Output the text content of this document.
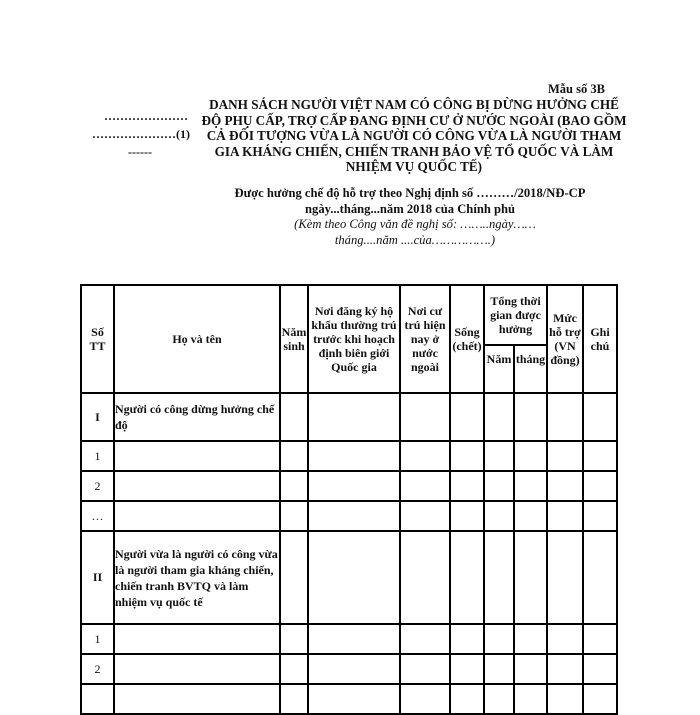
Mẫu số 3B
…………………
…………………(1)
------
DANH SÁCH NGƯỜI VIỆT NAM CÓ CÔNG BỊ DỪNG HƯỞNG CHẾ ĐỘ PHỤ CẤP, TRỢ CẤP ĐANG ĐỊNH CƯ Ở NƯỚC NGOÀI (BAO GỒM CẢ ĐỐI TƯỢNG VỪA LÀ NGƯỜI CÓ CÔNG VỪA LÀ NGƯỜI THAM GIA KHÁNG CHIẾN, CHIẾN TRANH BẢO VỆ TỔ QUỐC VÀ LÀM NHIỆM VỤ QUỐC TẾ)
Được hưởng chế độ hỗ trợ theo Nghị định số ………/2018/NĐ-CP ngày...tháng...năm 2018 của Chính phủ
(Kèm theo Công văn đề nghị số: ……..ngày…… tháng....năm ....của…………….)
Số TT	Họ và tên	Năm sinh	Nơi đăng ký hộ khẩu thường trú trước khi hoạch định biên giới Quốc gia	Nơi cư trú hiện nay ở nước ngoài	Sống (chết)	Tổng thời gian được hưởng		Mức hỗ trợ (VN đồng)	Ghi chú
						Năm	tháng		
I	Người có công dừng hưởng chế độ								
1									
2									
…									
II	Người vừa là người có công vừa là người tham gia kháng chiến, chiến tranh BVTQ và làm nhiệm vụ quốc tế								
1									
2									
